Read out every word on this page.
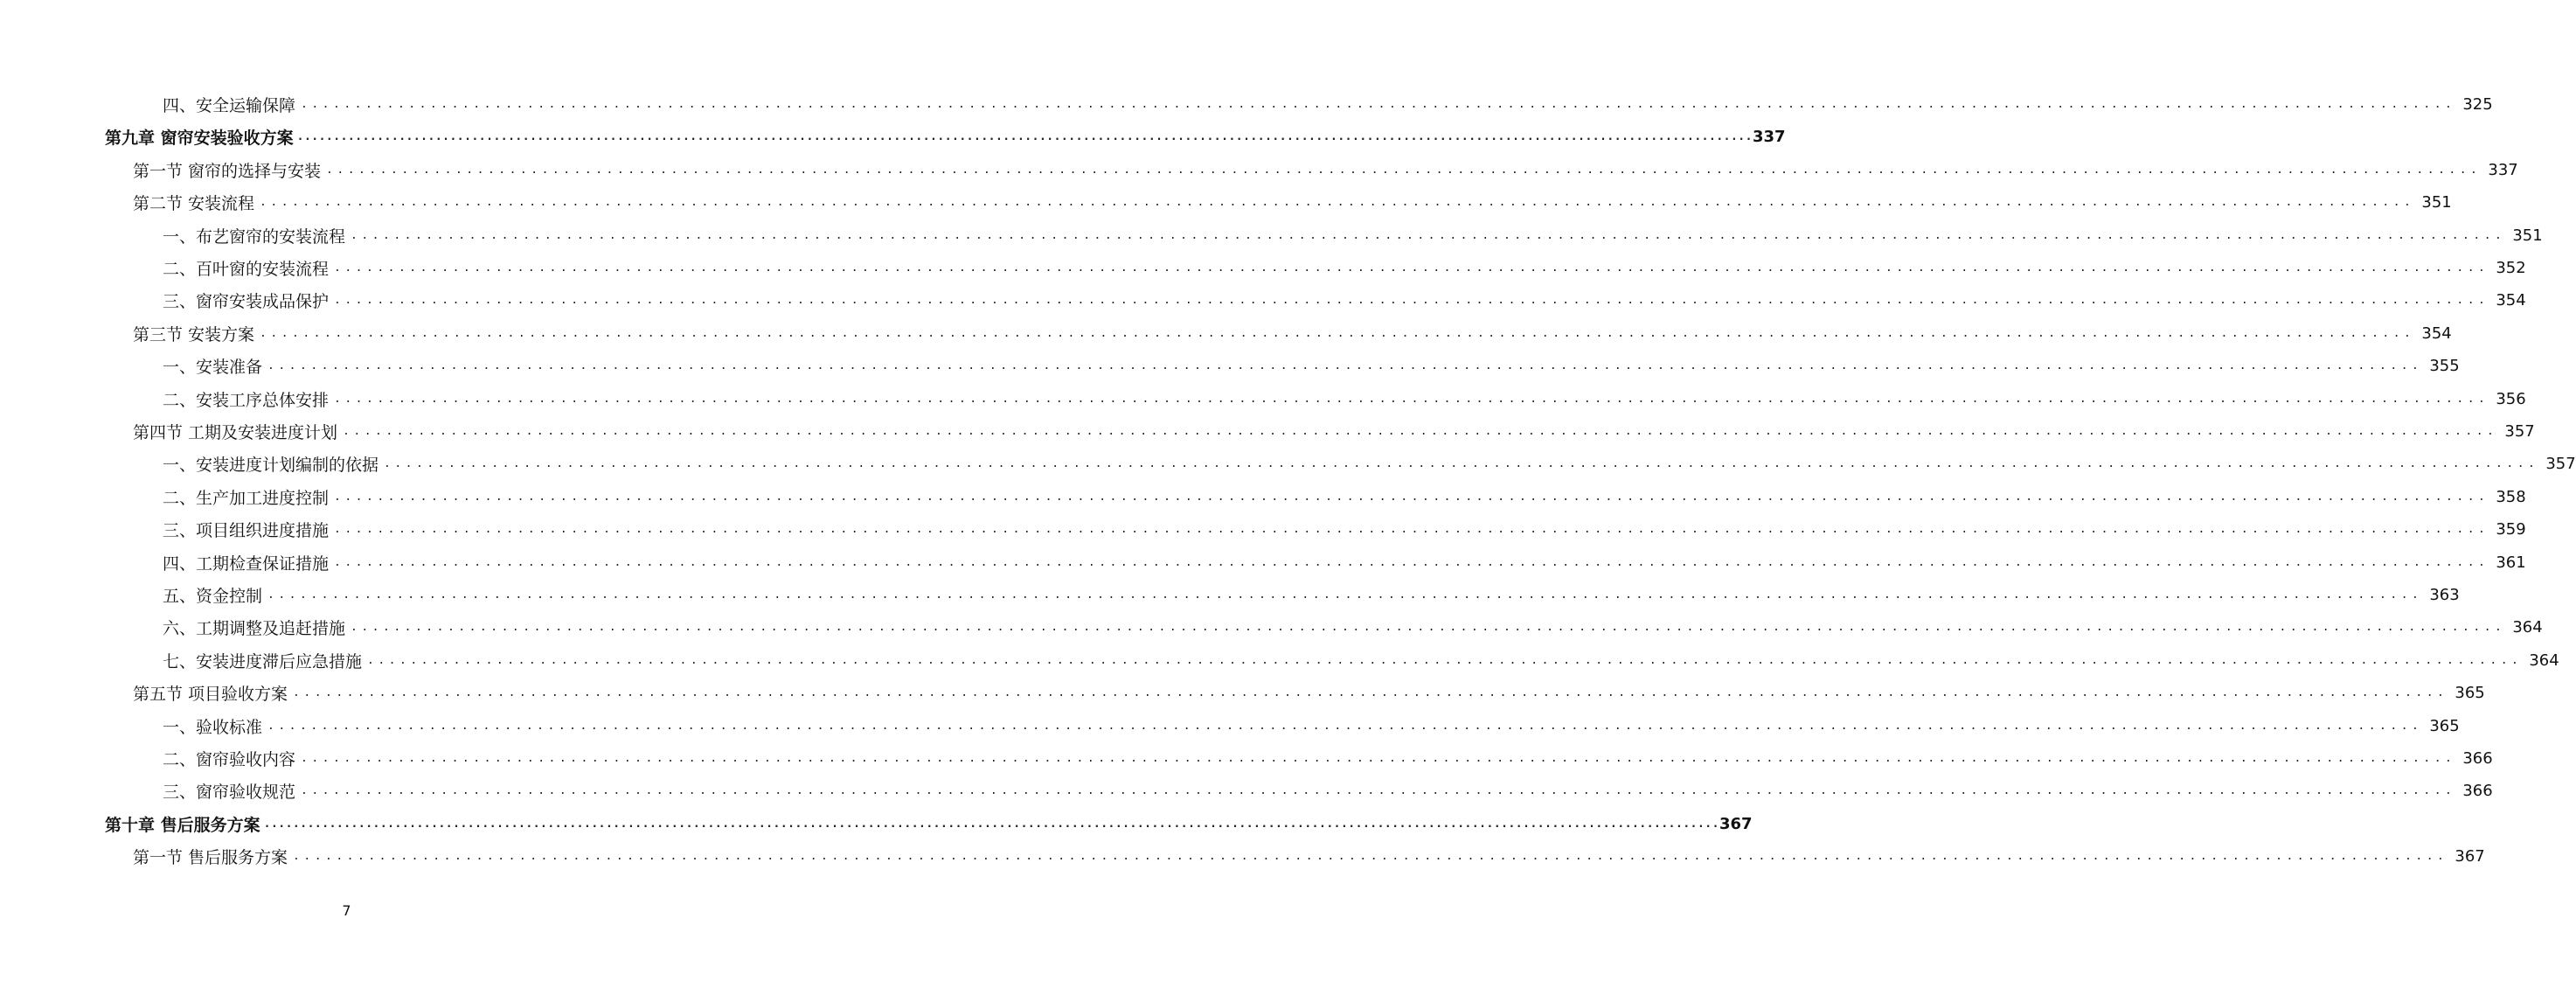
四、安全运输保障 ........................................................................................................................................................................................................ 325
第九章 窗帘安装验收方案 ........................................................................................................................................................................................................ 337
第一节 窗帘的选择与安装 ........................................................................................................................................................................................................ 337
第二节 安装流程 ........................................................................................................................................................................................................ 351
一、布艺窗帘的安装流程 ........................................................................................................................................................................................................ 351
二、百叶窗的安装流程 ........................................................................................................................................................................................................ 352
三、窗帘安装成品保护 ........................................................................................................................................................................................................ 354
第三节 安装方案 ........................................................................................................................................................................................................ 354
一、安装准备 ........................................................................................................................................................................................................ 355
二、安装工序总体安排 ........................................................................................................................................................................................................ 356
第四节 工期及安装进度计划 ........................................................................................................................................................................................................ 357
一、安装进度计划编制的依据 ........................................................................................................................................................................................................ 357
二、生产加工进度控制 ........................................................................................................................................................................................................ 358
三、项目组织进度措施 ........................................................................................................................................................................................................ 359
四、工期检查保证措施 ........................................................................................................................................................................................................ 361
五、资金控制 ........................................................................................................................................................................................................ 363
六、工期调整及追赶措施 ........................................................................................................................................................................................................ 364
七、安装进度滞后应急措施 ........................................................................................................................................................................................................ 364
第五节 项目验收方案 ........................................................................................................................................................................................................ 365
一、验收标准 ........................................................................................................................................................................................................ 365
二、窗帘验收内容 ........................................................................................................................................................................................................ 366
三、窗帘验收规范 ........................................................................................................................................................................................................ 366
第十章 售后服务方案 ........................................................................................................................................................................................................ 367
第一节 售后服务方案 ........................................................................................................................................................................................................ 367
7
